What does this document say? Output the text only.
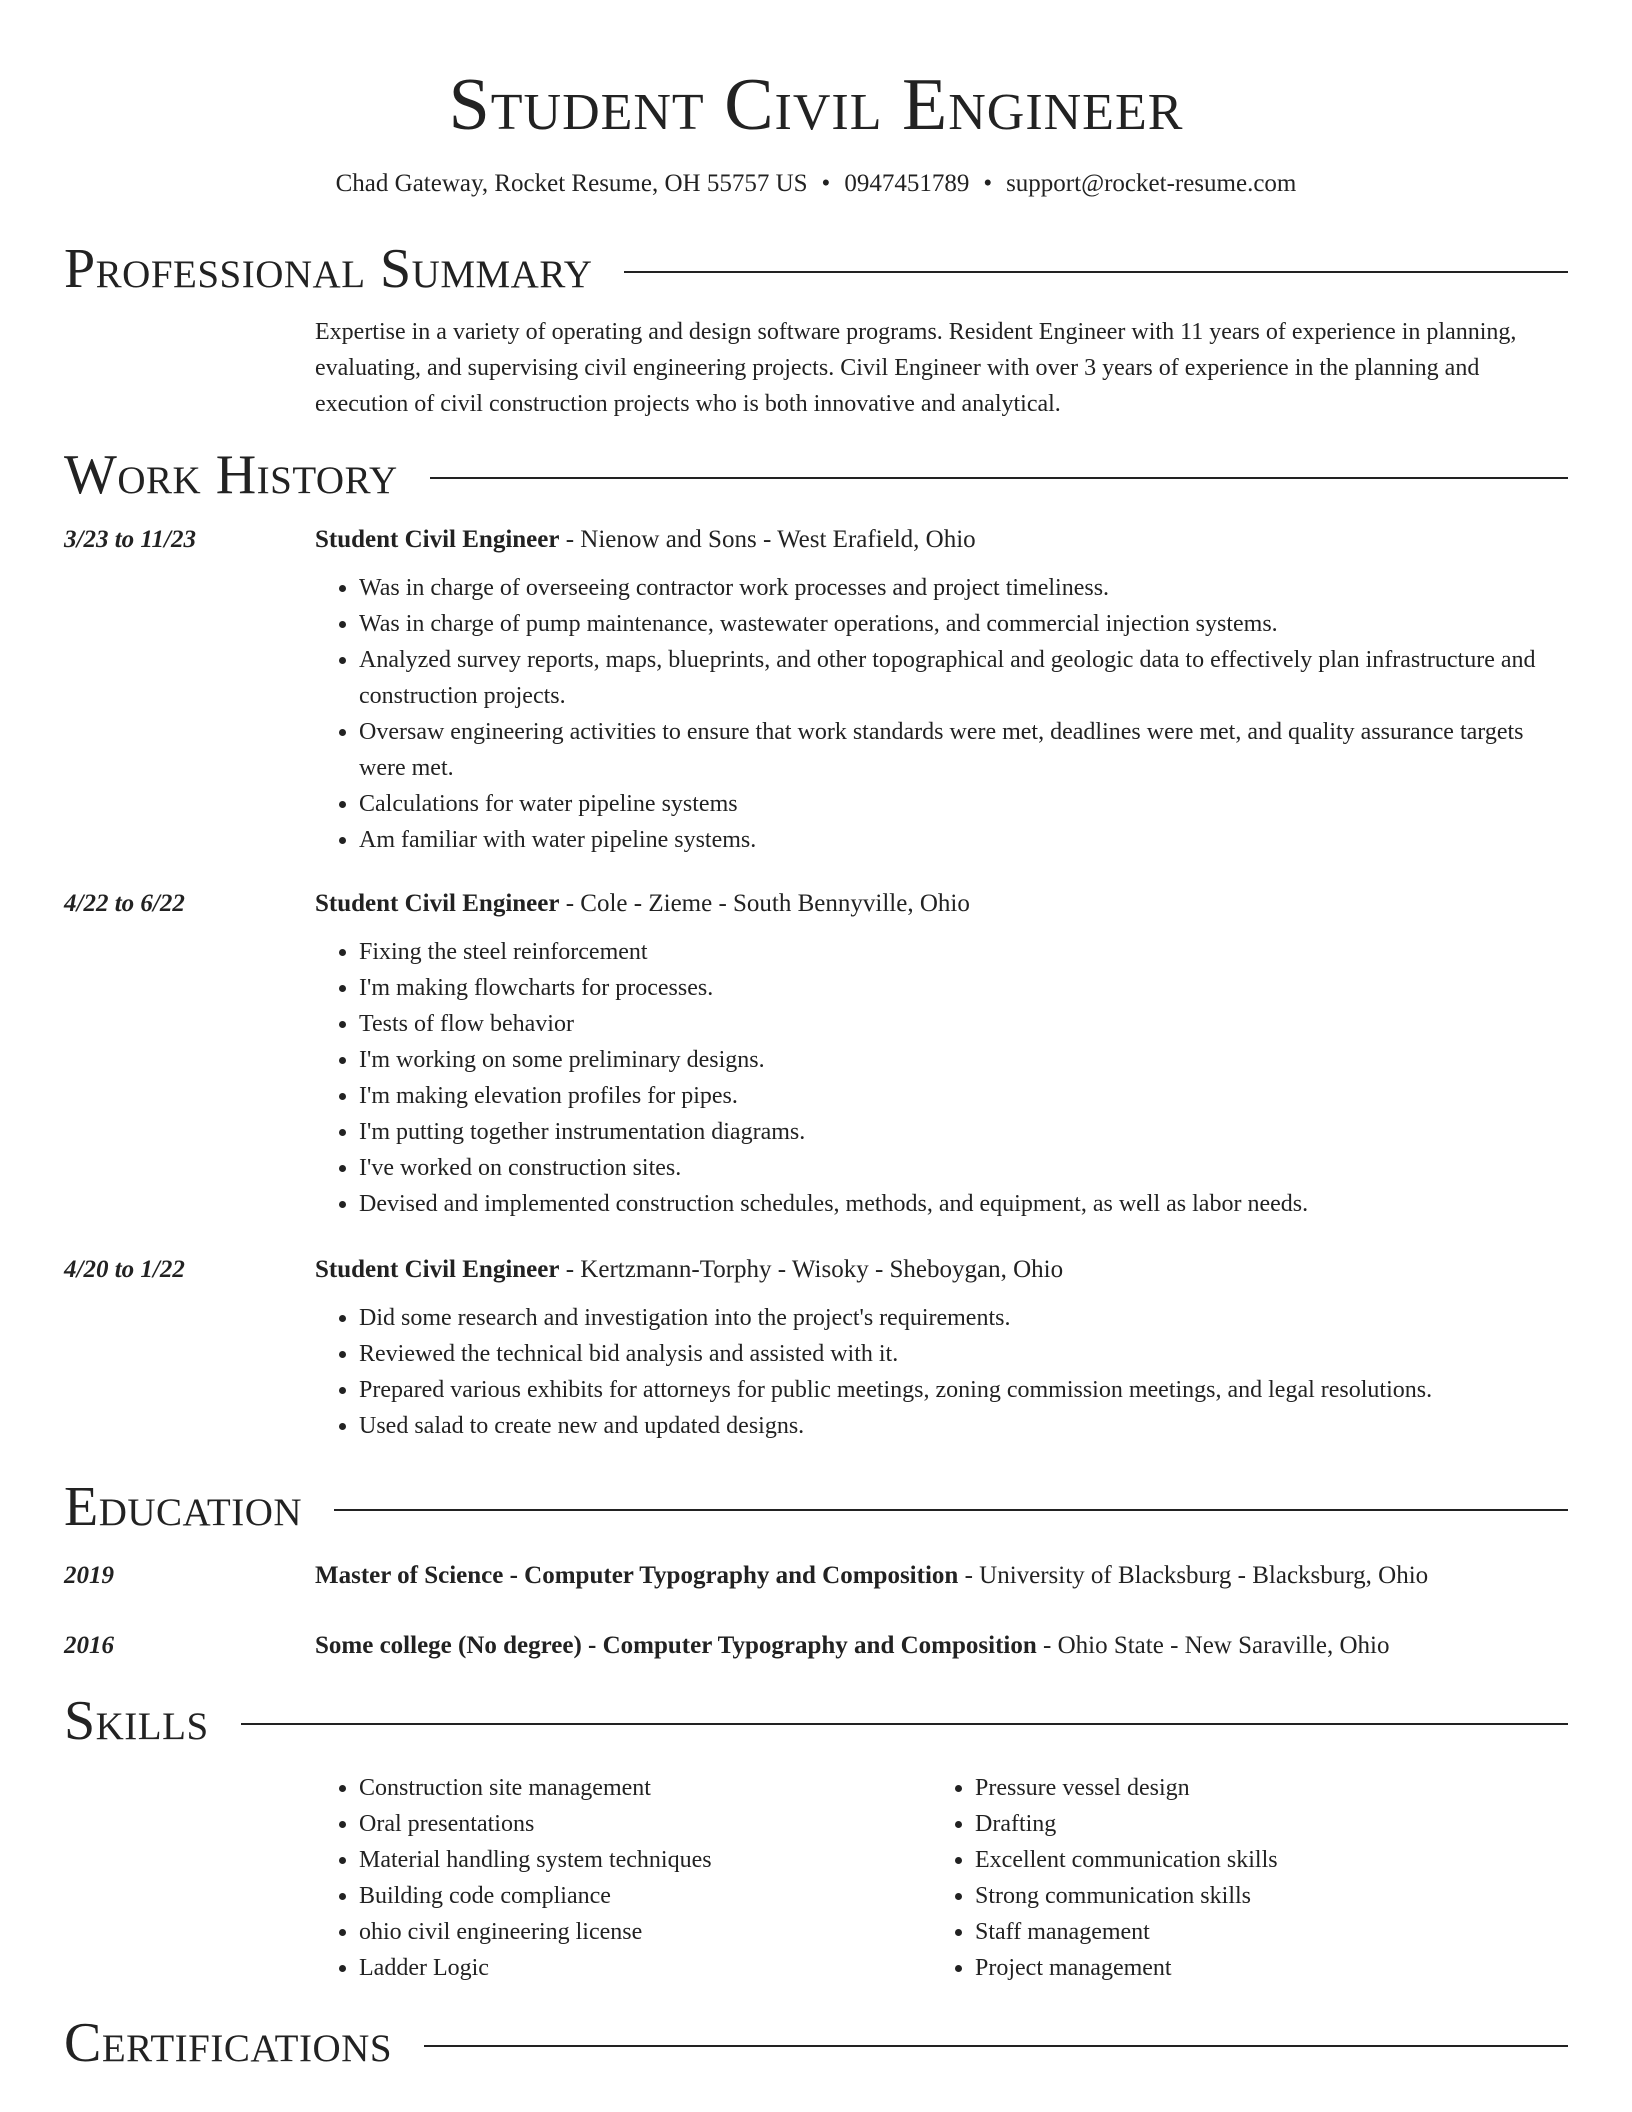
Student Civil Engineer
Chad Gateway, Rocket Resume, OH 55757 US • 0947451789 • support@rocket-resume.com
Professional Summary
Expertise in a variety of operating and design software programs. Resident Engineer with 11 years of experience in planning, evaluating, and supervising civil engineering projects. Civil Engineer with over 3 years of experience in the planning and execution of civil construction projects who is both innovative and analytical.
Work History
3/23 to 11/23	Student Civil Engineer - Nienow and Sons - West Erafield, Ohio
• Was in charge of overseeing contractor work processes and project timeliness.
• Was in charge of pump maintenance, wastewater operations, and commercial injection systems.
• Analyzed survey reports, maps, blueprints, and other topographical and geologic data to effectively plan infrastructure and construction projects.
• Oversaw engineering activities to ensure that work standards were met, deadlines were met, and quality assurance targets were met.
• Calculations for water pipeline systems
• Am familiar with water pipeline systems.
4/22 to 6/22	Student Civil Engineer - Cole - Zieme - South Bennyville, Ohio
• Fixing the steel reinforcement
• I'm making flowcharts for processes.
• Tests of flow behavior
• I'm working on some preliminary designs.
• I'm making elevation profiles for pipes.
• I'm putting together instrumentation diagrams.
• I've worked on construction sites.
• Devised and implemented construction schedules, methods, and equipment, as well as labor needs.
4/20 to 1/22	Student Civil Engineer - Kertzmann-Torphy - Wisoky - Sheboygan, Ohio
• Did some research and investigation into the project's requirements.
• Reviewed the technical bid analysis and assisted with it.
• Prepared various exhibits for attorneys for public meetings, zoning commission meetings, and legal resolutions.
• Used salad to create new and updated designs.
Education
2019	Master of Science - Computer Typography and Composition - University of Blacksburg - Blacksburg, Ohio
2016	Some college (No degree) - Computer Typography and Composition - Ohio State - New Saraville, Ohio
Skills
• Construction site management
• Oral presentations
• Material handling system techniques
• Building code compliance
• ohio civil engineering license
• Ladder Logic
• Pressure vessel design
• Drafting
• Excellent communication skills
• Strong communication skills
• Staff management
• Project management
Certifications
